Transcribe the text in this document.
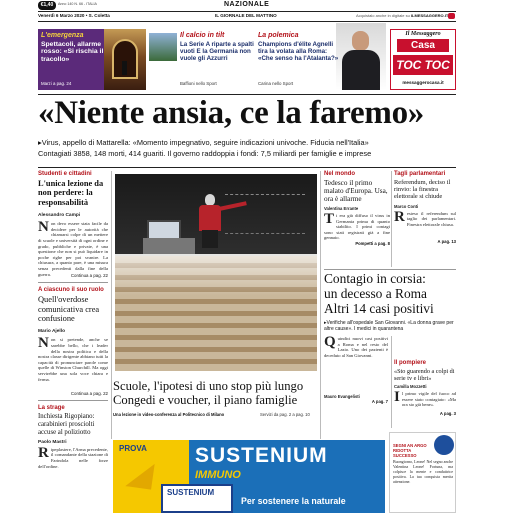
€1,40	Anno 140 N. 66 - ITALIA	NAZIONALE
Venerdì 6 Marzo 2020 • S. Coletta	IL GIORNALE DEL MATTINO	Acquistalo anche in digitale su ILMESSAGGERO.IT
L'emergenza
Spettacoli, allarme rosso: «Si rischia il tracollo»
Marzi a pag. 24
Il calcio in tilt
La Serie A riparte a spalti vuoti E la Germania non vuole gli Azzurri
Baffioni nello Sport
La polemica
Champions d'élite Agnelli tira la volata alla Roma: «Che senso ha l'Atalanta?»
Carina nello Sport
Il Messaggero
Casa
TOC TOC
messaggerocasa.it
«Niente ansia, ce la faremo»
▸Virus, appello di Mattarella: «Momento impegnativo, seguire indicazioni univoche. Fiducia nell'Italia»
Contagiati 3858, 148 morti, 414 guariti. Il governo raddoppia i fondi: 7,5 miliardi per famiglie e imprese
Studenti e cittadini
L'unica lezione da non perdere: la responsabilità
Alessandro Campi
Non devo essere stata facile da decidere per le autorità che chiamarsi colpe di un mettere di scuole e università di ogni ordine e grado, pubbliche e private, è una questione che non si può liquidare in poche righe per poi svanire. La chiusura, a quanto pare, è una misura senza precedenti dalla fine della guerra.	Continua a pag. 22
A ciascuno il suo ruolo
Quell'overdose comunicativa crea confusione
Mario Ajello
Non si pretende, anche se sarebbe bello, che i leader della nostra politica e della nostra classe dirigente abbiano tutti la capacità di pronunciare parole come quelle di Winston Churchill. Ma oggi servirebbe una sola voce chiara e ferma.
Continua a pag. 22
La strage
Inchiesta Rigopiano: carabinieri prosciolti accuse al poliziotto
Paolo Mastri
Ripeplastere, l'Arma precedente, il comandante della stazione di Farindola nelle forze dell'ordine.
Scuole, l'ipotesi di uno stop più lungo Congedi e voucher, il piano famiglie
Una lezione in video-conferenza al Politecnico di Milano	Servizi da pag. 2 a pag. 10
Nel mondo
Tedesco il primo malato d'Europa. Usa, ora è allarme
Valentina Errante
Ti era già diffuso il virus in Germania prima di quanto stabilito. I primi contagi sono stati registrati già a fine gennaio.
Pompetti a pag. 8
Tagli parlamentari
Referendum, deciso il rinvio: la finestra elettorale si chiude
Marco Conti
Resteso il referendum sul taglio dei parlamentari. Finestra elettorale chiusa.
A pag. 13
Contagio in corsia:
un decesso a Roma
Altri 14 casi positivi
▸Verifiche all'ospedale San Giovanni. «La donna grave per altre cause». I medici in quarantena
Quindici nuovi casi positivi a Roma e nel resto del Lazio. Uno dei pazienti è deceduto al San Giovanni.
Mauro Evangelisti
A pag. 7
Il pompiere
«Sto guarendo a colpi di serie tv e libri»
Camilla Mozzetti
Il primo vigile del fuoco ad essere stato contagiato: «Ma ora sto già bene».
A pag. 3
PROVA SUSTENIUM
IMMUNO
SUSTENIUM
Per sostenere la naturale
SEGNI AN ARGO RIDOTTA SUCCESSO
Buongiorno, Leone! Nel segno anche Valentina Leone! Fortuna, ma colpisce la mente e conduttrice positiva. La tua conquista merita attenzione.
